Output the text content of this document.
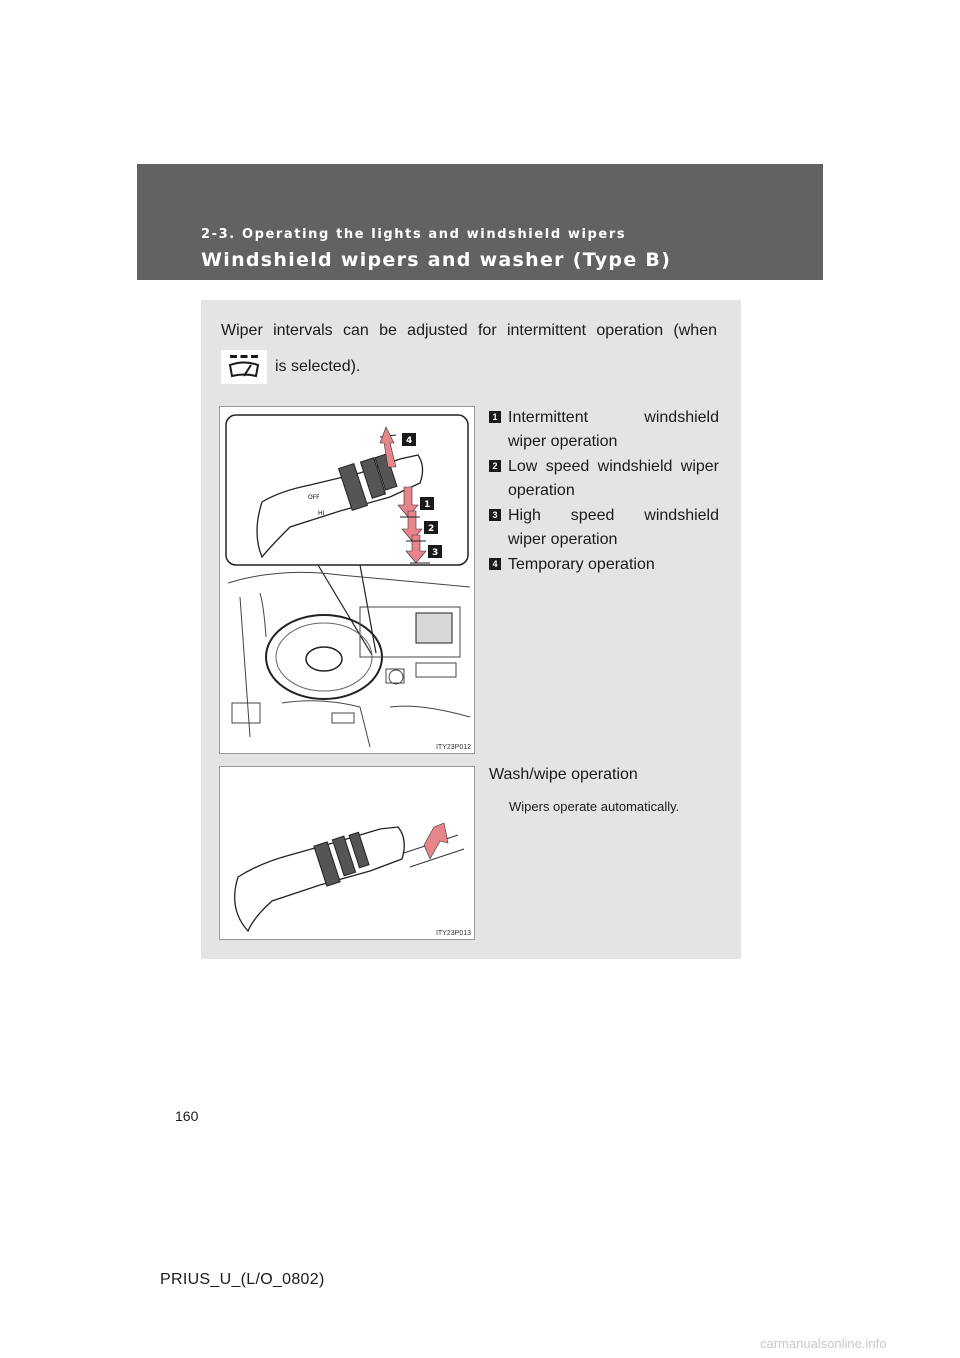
2-3. Operating the lights and windshield wipers
Windshield wipers and washer (Type B)
Wiper intervals can be adjusted for intermittent operation (when
is selected).
OFF
HI
4
1
2
3
ITY23P012
1 Intermittent windshield
wiper operation
2 Low speed windshield wiper
operation
3 High speed windshield
wiper operation
4 Temporary operation
ITY23P013
Wash/wipe operation
Wipers operate automatically.
160
PRIUS_U_(L/O_0802)
carmanualsonline.info
